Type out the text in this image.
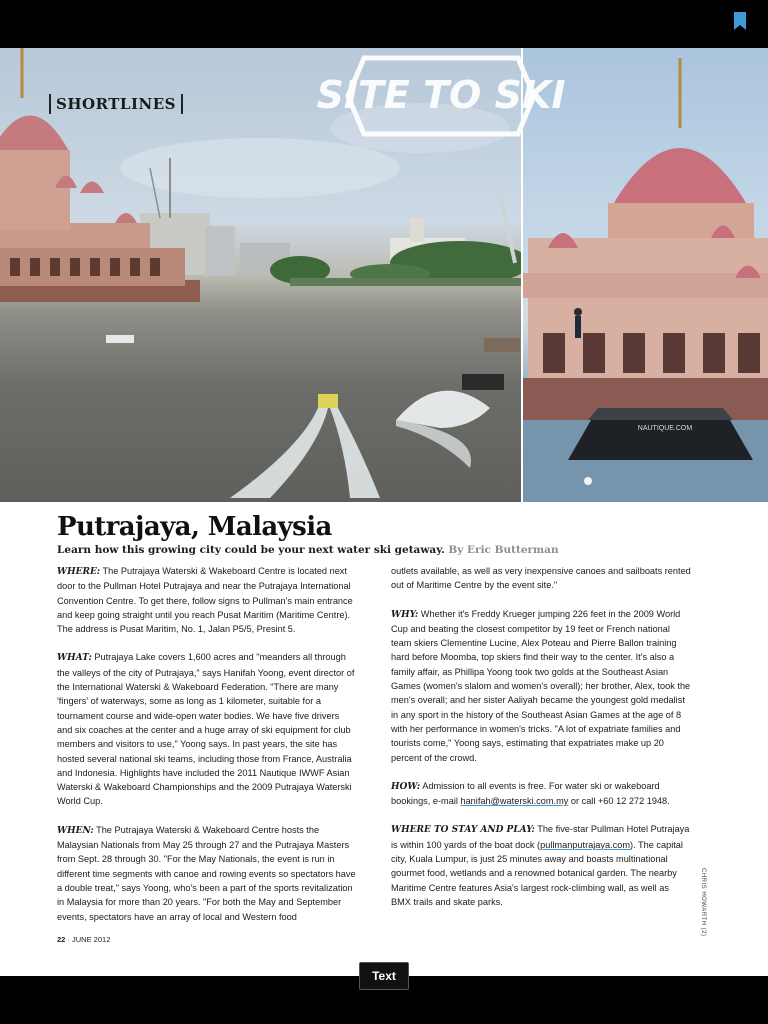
SHORTLINES
NAUTIQUE.COM
SITE TO SKI
Putrajaya, Malaysia
Learn how this growing city could be your next water ski getaway. By Eric Butterman

WHERE: The Putrajaya Waterski & Wakeboard Centre is located next door to the Pullman Hotel Putrajaya and near the Putrajaya International Convention Centre. To get there, follow signs to Pullman's main entrance and keep going straight until you reach Pusat Maritim (Maritime Centre). The address is Pusat Maritim, No. 1, Jalan P5/5, Presint 5.

WHAT: Putrajaya Lake covers 1,600 acres and "meanders all through the valleys of the city of Putrajaya," says Hanifah Yoong, event director of the International Waterski & Wakeboard Federation. "There are many 'fingers' of waterways, some as long as 1 kilometer, suitable for a tournament course and wide-open water bodies. We have five drivers and six coaches at the center and a huge array of ski equipment for club members and visitors to use," Yoong says. In past years, the site has hosted several national ski teams, including those from France, Australia and Indonesia. Highlights have included the 2011 Nautique IWWF Asian Waterski & Wakeboard Championships and the 2009 Putrajaya Waterski World Cup.

WHEN: The Putrajaya Waterski & Wakeboard Centre hosts the Malaysian Nationals from May 25 through 27 and the Putrajaya Masters from Sept. 28 through 30. "For the May Nationals, the event is run in different time segments with canoe and rowing events so spectators have a double treat," says Yoong, who's been a part of the sports revitalization in Malaysia for more than 20 years. "For both the May and September events, spectators have an array of local and Western food

outlets available, as well as very inexpensive canoes and sailboats rented out of Maritime Centre by the event site."

WHY: Whether it's Freddy Krueger jumping 226 feet in the 2009 World Cup and beating the closest competitor by 19 feet or French national team skiers Clementine Lucine, Alex Poteau and Pierre Ballon training hard before Moomba, top skiers find their way to the center. It's also a family affair, as Phillipa Yoong took two golds at the Southeast Asian Games (women's slalom and women's overall); her brother, Alex, took the men's overall; and her sister Aaliyah became the youngest gold medalist in any sport in the history of the Southeast Asian Games at the age of 8 with her performance in women's tricks. "A lot of expatriate families and tourists come," Yoong says, estimating that expatriates make up 20 percent of the crowd.

HOW: Admission to all events is free. For water ski or wakeboard bookings, e-mail hanifah@waterski.com.my or call +60 12 272 1948.

WHERE TO STAY AND PLAY: The five-star Pullman Hotel Putrajaya is within 100 yards of the boat dock (pullmanputrajaya.com). The capital city, Kuala Lumpur, is just 25 minutes away and boasts multinational gourmet food, wetlands and a renowned botanical garden. The nearby Maritime Centre features Asia's largest rock-climbing wall, as well as BMX trails and skate parks.	CHRIS HOWARTH (2)
22 · JUNE 2012
Text
